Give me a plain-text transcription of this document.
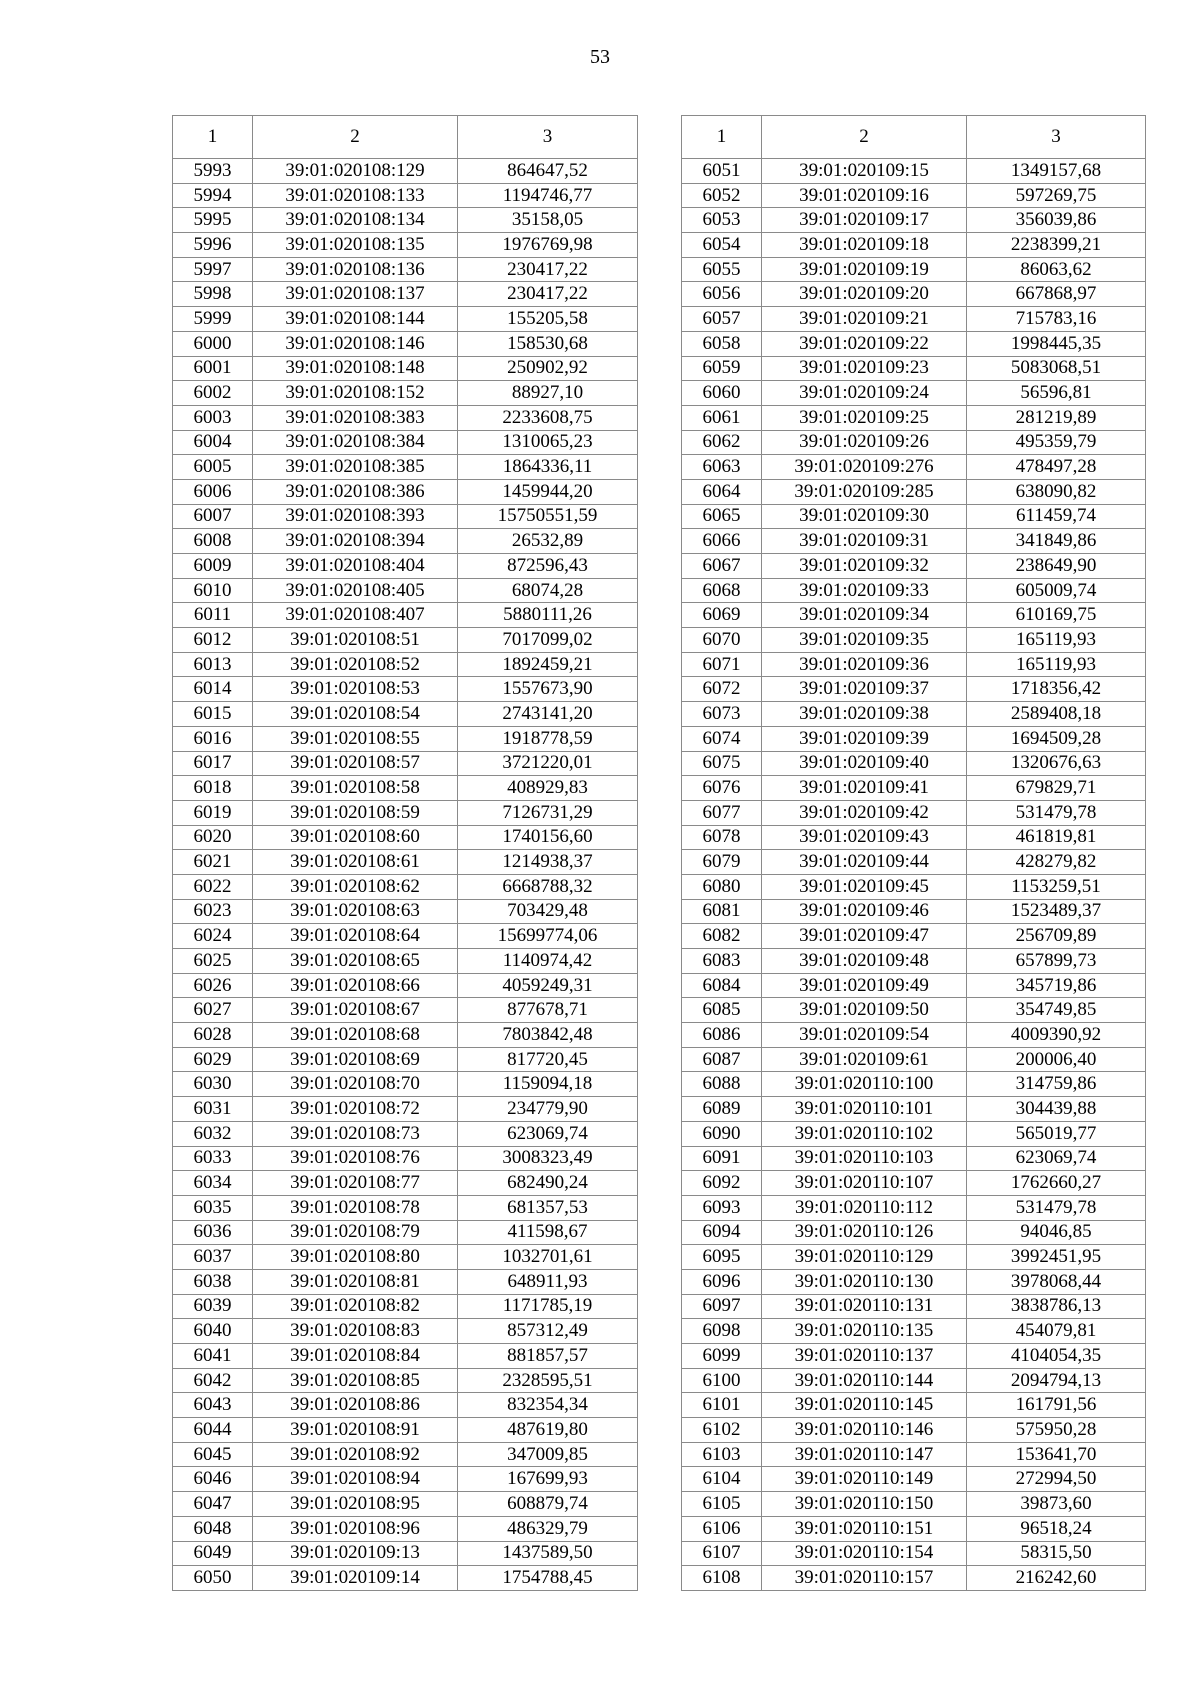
53
1	2	3
5993	39:01:020108:129	864647,52
5994	39:01:020108:133	1194746,77
5995	39:01:020108:134	35158,05
5996	39:01:020108:135	1976769,98
5997	39:01:020108:136	230417,22
5998	39:01:020108:137	230417,22
5999	39:01:020108:144	155205,58
6000	39:01:020108:146	158530,68
6001	39:01:020108:148	250902,92
6002	39:01:020108:152	88927,10
6003	39:01:020108:383	2233608,75
6004	39:01:020108:384	1310065,23
6005	39:01:020108:385	1864336,11
6006	39:01:020108:386	1459944,20
6007	39:01:020108:393	15750551,59
6008	39:01:020108:394	26532,89
6009	39:01:020108:404	872596,43
6010	39:01:020108:405	68074,28
6011	39:01:020108:407	5880111,26
6012	39:01:020108:51	7017099,02
6013	39:01:020108:52	1892459,21
6014	39:01:020108:53	1557673,90
6015	39:01:020108:54	2743141,20
6016	39:01:020108:55	1918778,59
6017	39:01:020108:57	3721220,01
6018	39:01:020108:58	408929,83
6019	39:01:020108:59	7126731,29
6020	39:01:020108:60	1740156,60
6021	39:01:020108:61	1214938,37
6022	39:01:020108:62	6668788,32
6023	39:01:020108:63	703429,48
6024	39:01:020108:64	15699774,06
6025	39:01:020108:65	1140974,42
6026	39:01:020108:66	4059249,31
6027	39:01:020108:67	877678,71
6028	39:01:020108:68	7803842,48
6029	39:01:020108:69	817720,45
6030	39:01:020108:70	1159094,18
6031	39:01:020108:72	234779,90
6032	39:01:020108:73	623069,74
6033	39:01:020108:76	3008323,49
6034	39:01:020108:77	682490,24
6035	39:01:020108:78	681357,53
6036	39:01:020108:79	411598,67
6037	39:01:020108:80	1032701,61
6038	39:01:020108:81	648911,93
6039	39:01:020108:82	1171785,19
6040	39:01:020108:83	857312,49
6041	39:01:020108:84	881857,57
6042	39:01:020108:85	2328595,51
6043	39:01:020108:86	832354,34
6044	39:01:020108:91	487619,80
6045	39:01:020108:92	347009,85
6046	39:01:020108:94	167699,93
6047	39:01:020108:95	608879,74
6048	39:01:020108:96	486329,79
6049	39:01:020109:13	1437589,50
6050	39:01:020109:14	1754788,45
1	2	3
6051	39:01:020109:15	1349157,68
6052	39:01:020109:16	597269,75
6053	39:01:020109:17	356039,86
6054	39:01:020109:18	2238399,21
6055	39:01:020109:19	86063,62
6056	39:01:020109:20	667868,97
6057	39:01:020109:21	715783,16
6058	39:01:020109:22	1998445,35
6059	39:01:020109:23	5083068,51
6060	39:01:020109:24	56596,81
6061	39:01:020109:25	281219,89
6062	39:01:020109:26	495359,79
6063	39:01:020109:276	478497,28
6064	39:01:020109:285	638090,82
6065	39:01:020109:30	611459,74
6066	39:01:020109:31	341849,86
6067	39:01:020109:32	238649,90
6068	39:01:020109:33	605009,74
6069	39:01:020109:34	610169,75
6070	39:01:020109:35	165119,93
6071	39:01:020109:36	165119,93
6072	39:01:020109:37	1718356,42
6073	39:01:020109:38	2589408,18
6074	39:01:020109:39	1694509,28
6075	39:01:020109:40	1320676,63
6076	39:01:020109:41	679829,71
6077	39:01:020109:42	531479,78
6078	39:01:020109:43	461819,81
6079	39:01:020109:44	428279,82
6080	39:01:020109:45	1153259,51
6081	39:01:020109:46	1523489,37
6082	39:01:020109:47	256709,89
6083	39:01:020109:48	657899,73
6084	39:01:020109:49	345719,86
6085	39:01:020109:50	354749,85
6086	39:01:020109:54	4009390,92
6087	39:01:020109:61	200006,40
6088	39:01:020110:100	314759,86
6089	39:01:020110:101	304439,88
6090	39:01:020110:102	565019,77
6091	39:01:020110:103	623069,74
6092	39:01:020110:107	1762660,27
6093	39:01:020110:112	531479,78
6094	39:01:020110:126	94046,85
6095	39:01:020110:129	3992451,95
6096	39:01:020110:130	3978068,44
6097	39:01:020110:131	3838786,13
6098	39:01:020110:135	454079,81
6099	39:01:020110:137	4104054,35
6100	39:01:020110:144	2094794,13
6101	39:01:020110:145	161791,56
6102	39:01:020110:146	575950,28
6103	39:01:020110:147	153641,70
6104	39:01:020110:149	272994,50
6105	39:01:020110:150	39873,60
6106	39:01:020110:151	96518,24
6107	39:01:020110:154	58315,50
6108	39:01:020110:157	216242,60
